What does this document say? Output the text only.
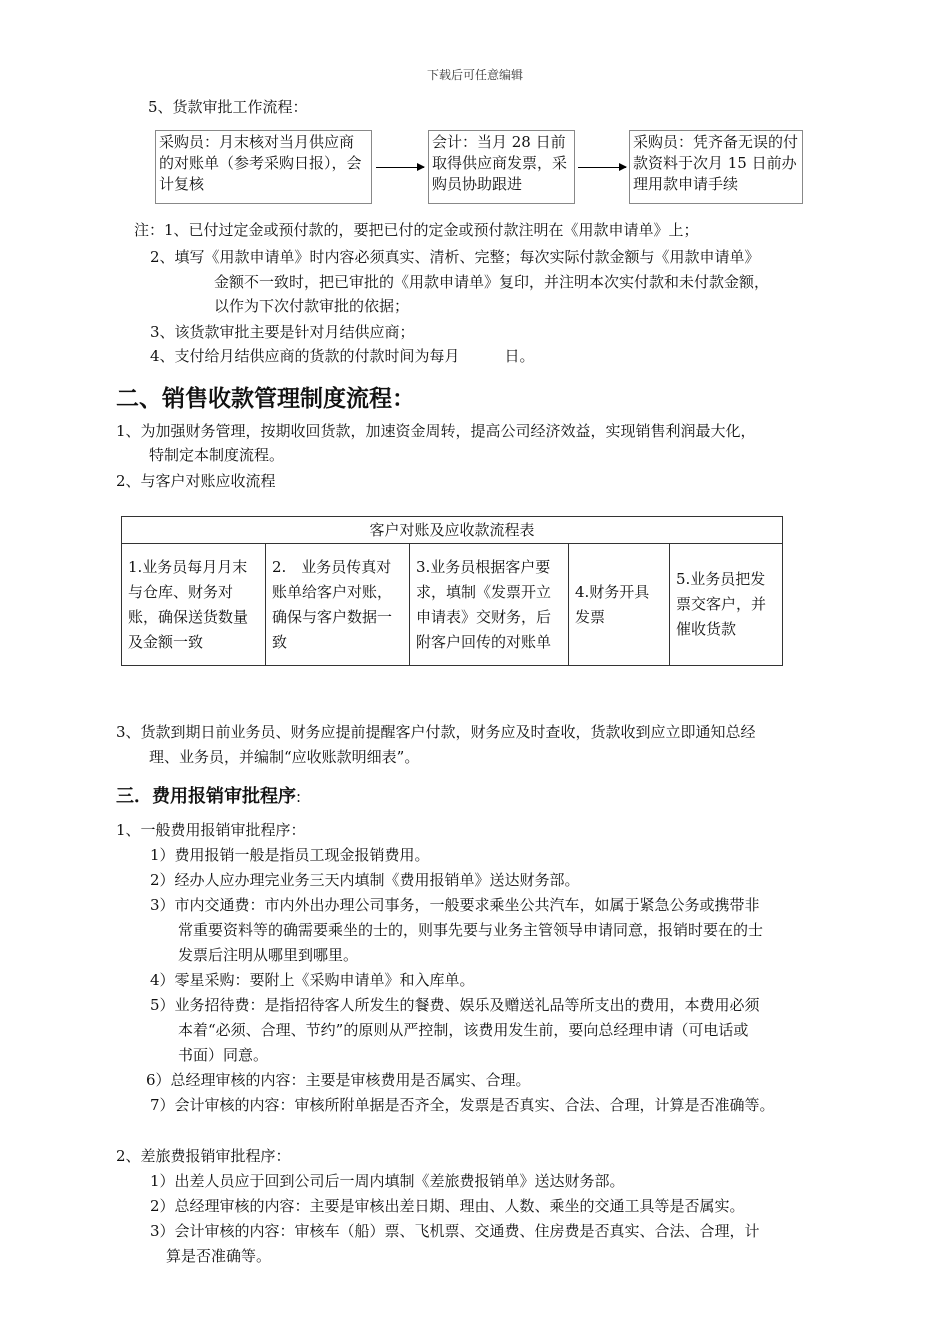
下载后可任意编辑
5、货款审批工作流程：
采购员：月末核对当月供应商的对账单（参考采购日报），会计复核
会计：当月 28 日前取得供应商发票，采购员协助跟进
采购员：凭齐备无误的付款资料于次月 15 日前办理用款申请手续
注：1、已付过定金或预付款的，要把已付的定金或预付款注明在《用款申请单》上；
2、填写《用款申请单》时内容必须真实、清析、完整；每次实际付款金额与《用款申请单》
金额不一致时，把已审批的《用款申请单》复印，并注明本次实付款和未付款金额，
以作为下次付款审批的依据；
3、该货款审批主要是针对月结供应商；
4、支付给月结供应商的货款的付款时间为每月　　　日。
二、销售收款管理制度流程：
1、为加强财务管理，按期收回货款，加速资金周转，提高公司经济效益，实现销售利润最大化，
特制定本制度流程。
2、与客户对账应收流程
客户对账及应收款流程表
1.业务员每月月末与仓库、财务对账，确保送货数量及金额一致	2.　业务员传真对账单给客户对账，确保与客户数据一致	3.业务员根据客户要求，填制《发票开立申请表》交财务，后附客户回传的对账单	4.财务开具发票	5.业务员把发票交客户，并催收货款
3、货款到期日前业务员、财务应提前提醒客户付款，财务应及时查收，货款收到应立即通知总经
理、业务员，并编制“应收账款明细表”。
三．费用报销审批程序:
1、一般费用报销审批程序：
1）费用报销一般是指员工现金报销费用。
2）经办人应办理完业务三天内填制《费用报销单》送达财务部。
3）市内交通费：市内外出办理公司事务，一般要求乘坐公共汽车，如属于紧急公务或携带非
常重要资料等的确需要乘坐的士的，则事先要与业务主管领导申请同意，报销时要在的士
发票后注明从哪里到哪里。
4）零星采购：要附上《采购申请单》和入库单。
5）业务招待费：是指招待客人所发生的餐费、娱乐及赠送礼品等所支出的费用，本费用必须
本着“必须、合理、节约”的原则从严控制，该费用发生前，要向总经理申请（可电话或
书面）同意。
6）总经理审核的内容：主要是审核费用是否属实、合理。
7）会计审核的内容：审核所附单据是否齐全，发票是否真实、合法、合理，计算是否准确等。
2、差旅费报销审批程序：
1）出差人员应于回到公司后一周内填制《差旅费报销单》送达财务部。
2）总经理审核的内容：主要是审核出差日期、理由、人数、乘坐的交通工具等是否属实。
3）会计审核的内容：审核车（船）票、飞机票、交通费、住房费是否真实、合法、合理，计
算是否准确等。
